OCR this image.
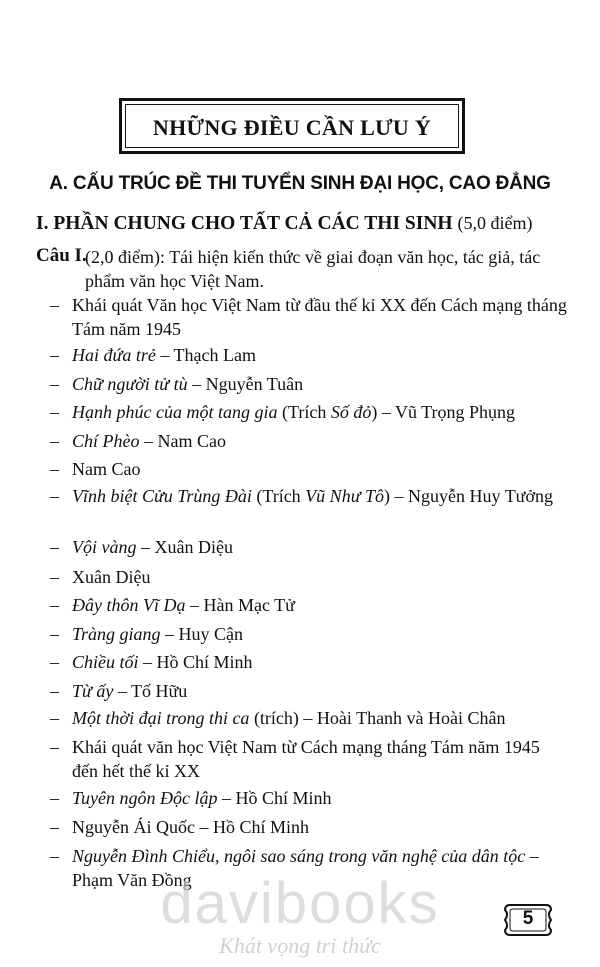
NHỮNG ĐIỀU CẦN LƯU Ý
A. CẤU TRÚC ĐỀ THI TUYỂN SINH ĐẠI HỌC, CAO ĐẲNG
I. PHẦN CHUNG CHO TẤT CẢ CÁC THI SINH (5,0 điểm)
Câu I.
(2,0 điểm): Tái hiện kiến thức về giai đoạn văn học, tác giả, tác phẩm văn học Việt Nam.
– Khái quát Văn học Việt Nam từ đầu thế kỉ XX đến Cách mạng tháng Tám năm 1945
– Hai đứa trẻ – Thạch Lam
– Chữ người tử tù – Nguyễn Tuân
– Hạnh phúc của một tang gia (Trích Số đỏ) – Vũ Trọng Phụng
– Chí Phèo – Nam Cao
– Nam Cao
– Vĩnh biệt Cửu Trùng Đài (Trích Vũ Như Tô) – Nguyễn Huy Tưởng
– Vội vàng – Xuân Diệu
– Xuân Diệu
– Đây thôn Vĩ Dạ – Hàn Mạc Tử
– Tràng giang – Huy Cận
– Chiều tối – Hồ Chí Minh
– Từ ấy – Tố Hữu
– Một thời đại trong thi ca (trích) – Hoài Thanh và Hoài Chân
– Khái quát văn học Việt Nam từ Cách mạng tháng Tám năm 1945 đến hết thế kỉ XX
– Tuyên ngôn Độc lập – Hồ Chí Minh
– Nguyễn Ái Quốc – Hồ Chí Minh
– Nguyễn Đình Chiểu, ngôi sao sáng trong văn nghệ của dân tộc – Phạm Văn Đồng
davibooks
Khát vọng tri thức
5
